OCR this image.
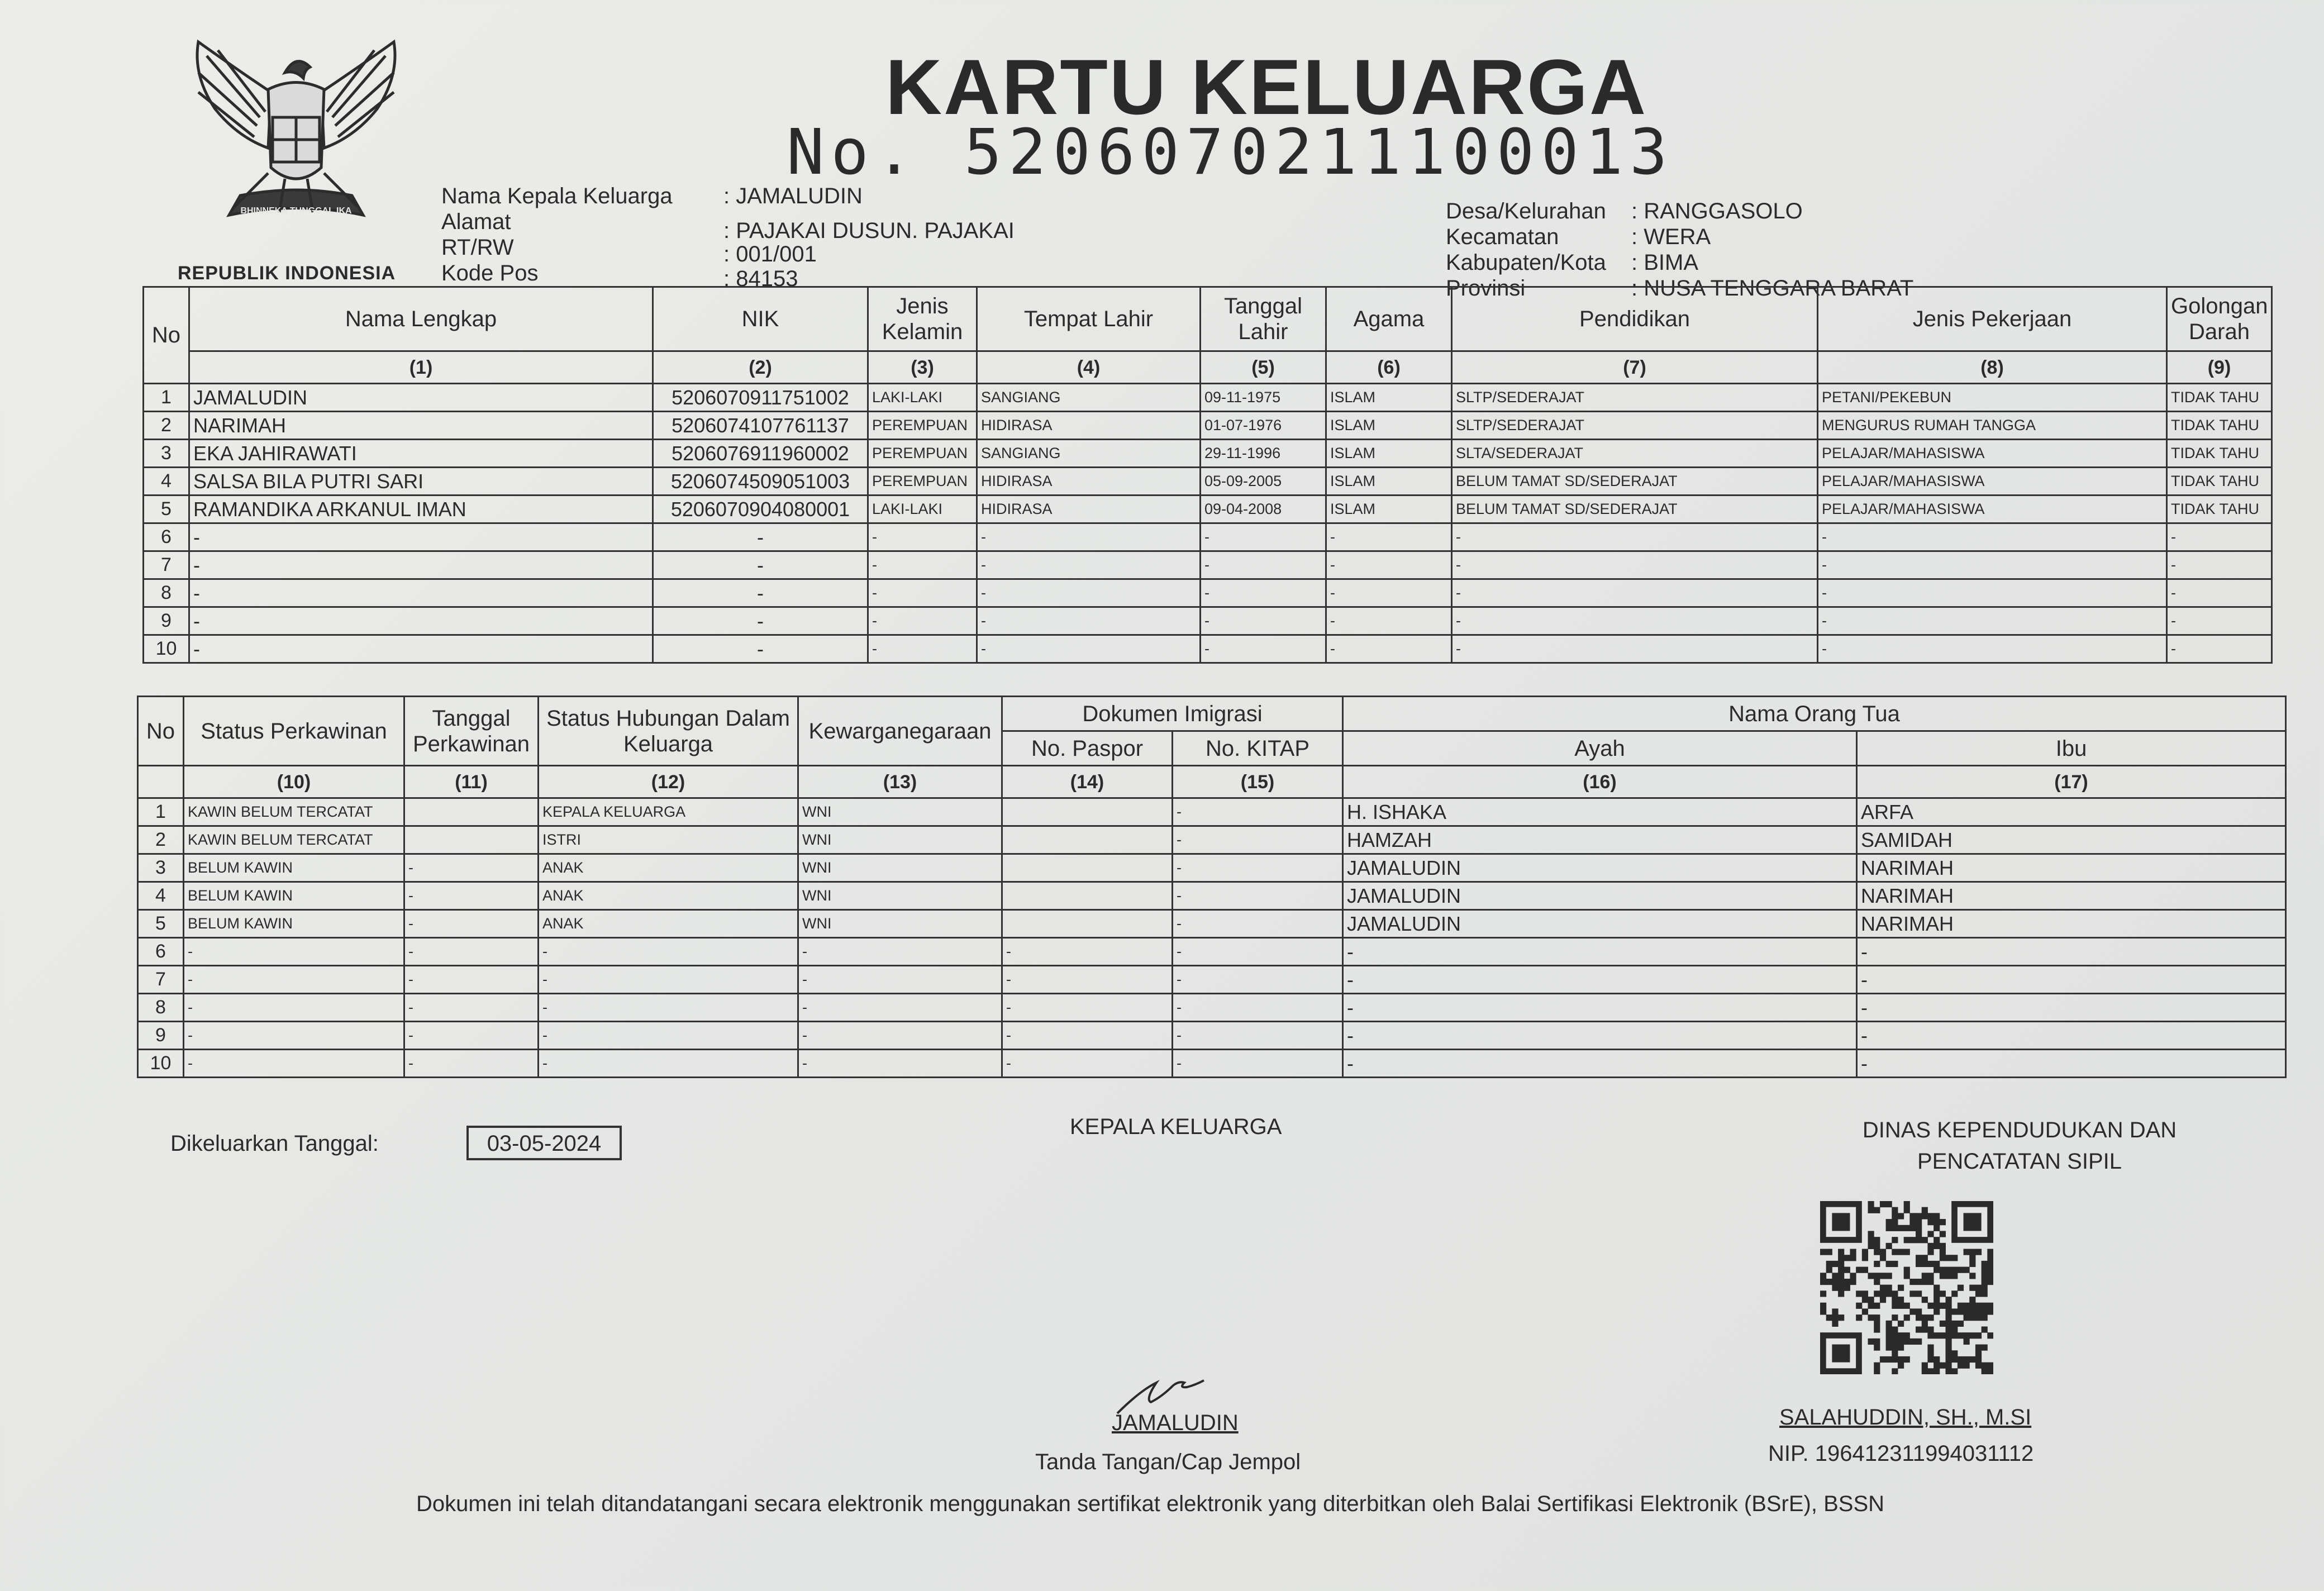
BHINNEKA TUNGGAL IKA
REPUBLIK INDONESIA
KARTU KELUARGA
No. 5206070211100013
Nama Kepala Keluarga : JAMALUDIN
Alamat	: PAJAKAI DUSUN. PAJAKAI
RT/RW	: 001/001
Kode Pos	: 84153
Desa/Kelurahan : RANGGASOLO
Kecamatan	: WERA
Kabupaten/Kota : BIMA
Provinsi	: NUSA TENGGARA BARAT
No	Nama Lengkap	NIK	Jenis Kelamin	Tempat Lahir	Tanggal Lahir	Agama	Pendidikan	Jenis Pekerjaan	Golongan Darah
	(1)	(2)	(3)	(4)	(5)	(6)	(7)	(8)	(9)
1	JAMALUDIN	5206070911751002	LAKI-LAKI	SANGIANG	09-11-1975	ISLAM	SLTP/SEDERAJAT	PETANI/PEKEBUN	TIDAK TAHU
2	NARIMAH	5206074107761137	PEREMPUAN	HIDIRASA	01-07-1976	ISLAM	SLTP/SEDERAJAT	MENGURUS RUMAH TANGGA	TIDAK TAHU
3	EKA JAHIRAWATI	5206076911960002	PEREMPUAN	SANGIANG	29-11-1996	ISLAM	SLTA/SEDERAJAT	PELAJAR/MAHASISWA	TIDAK TAHU
4	SALSA BILA PUTRI SARI	5206074509051003	PEREMPUAN	HIDIRASA	05-09-2005	ISLAM	BELUM TAMAT SD/SEDERAJAT	PELAJAR/MAHASISWA	TIDAK TAHU
5	RAMANDIKA ARKANUL IMAN	5206070904080001	LAKI-LAKI	HIDIRASA	09-04-2008	ISLAM	BELUM TAMAT SD/SEDERAJAT	PELAJAR/MAHASISWA	TIDAK TAHU
6	-	-	-	-	-	-	-	-	-
7	-	-	-	-	-	-	-	-	-
8	-	-	-	-	-	-	-	-	-
9	-	-	-	-	-	-	-	-	-
10	-	-	-	-	-	-	-	-	-
No	Status Perkawinan	Tanggal Perkawinan	Status Hubungan Dalam Keluarga	Kewarganegaraan	Dokumen Imigrasi		Nama Orang Tua	
					No. Paspor	No. KITAP	Ayah	Ibu
	(10)	(11)	(12)	(13)	(14)	(15)	(16)	(17)
1	KAWIN BELUM TERCATAT		KEPALA KELUARGA	WNI		-	H. ISHAKA	ARFA
2	KAWIN BELUM TERCATAT		ISTRI	WNI		-	HAMZAH	SAMIDAH
3	BELUM KAWIN	-	ANAK	WNI		-	JAMALUDIN	NARIMAH
4	BELUM KAWIN	-	ANAK	WNI		-	JAMALUDIN	NARIMAH
5	BELUM KAWIN	-	ANAK	WNI		-	JAMALUDIN	NARIMAH
6	-	-	-	-	-	-	-	-
7	-	-	-	-	-	-	-	-
8	-	-	-	-	-	-	-	-
9	-	-	-	-	-	-	-	-
10	-	-	-	-	-	-	-	-
Dikeluarkan Tanggal:	03-05-2024
KEPALA KELUARGA
JAMALUDIN
Tanda Tangan/Cap Jempol
DINAS KEPENDUDUKAN DAN
PENCATATAN SIPIL
SALAHUDDIN, SH., M.SI
NIP. 196412311994031112
Dokumen ini telah ditandatangani secara elektronik menggunakan sertifikat elektronik yang diterbitkan oleh Balai Sertifikasi Elektronik (BSrE), BSSN
